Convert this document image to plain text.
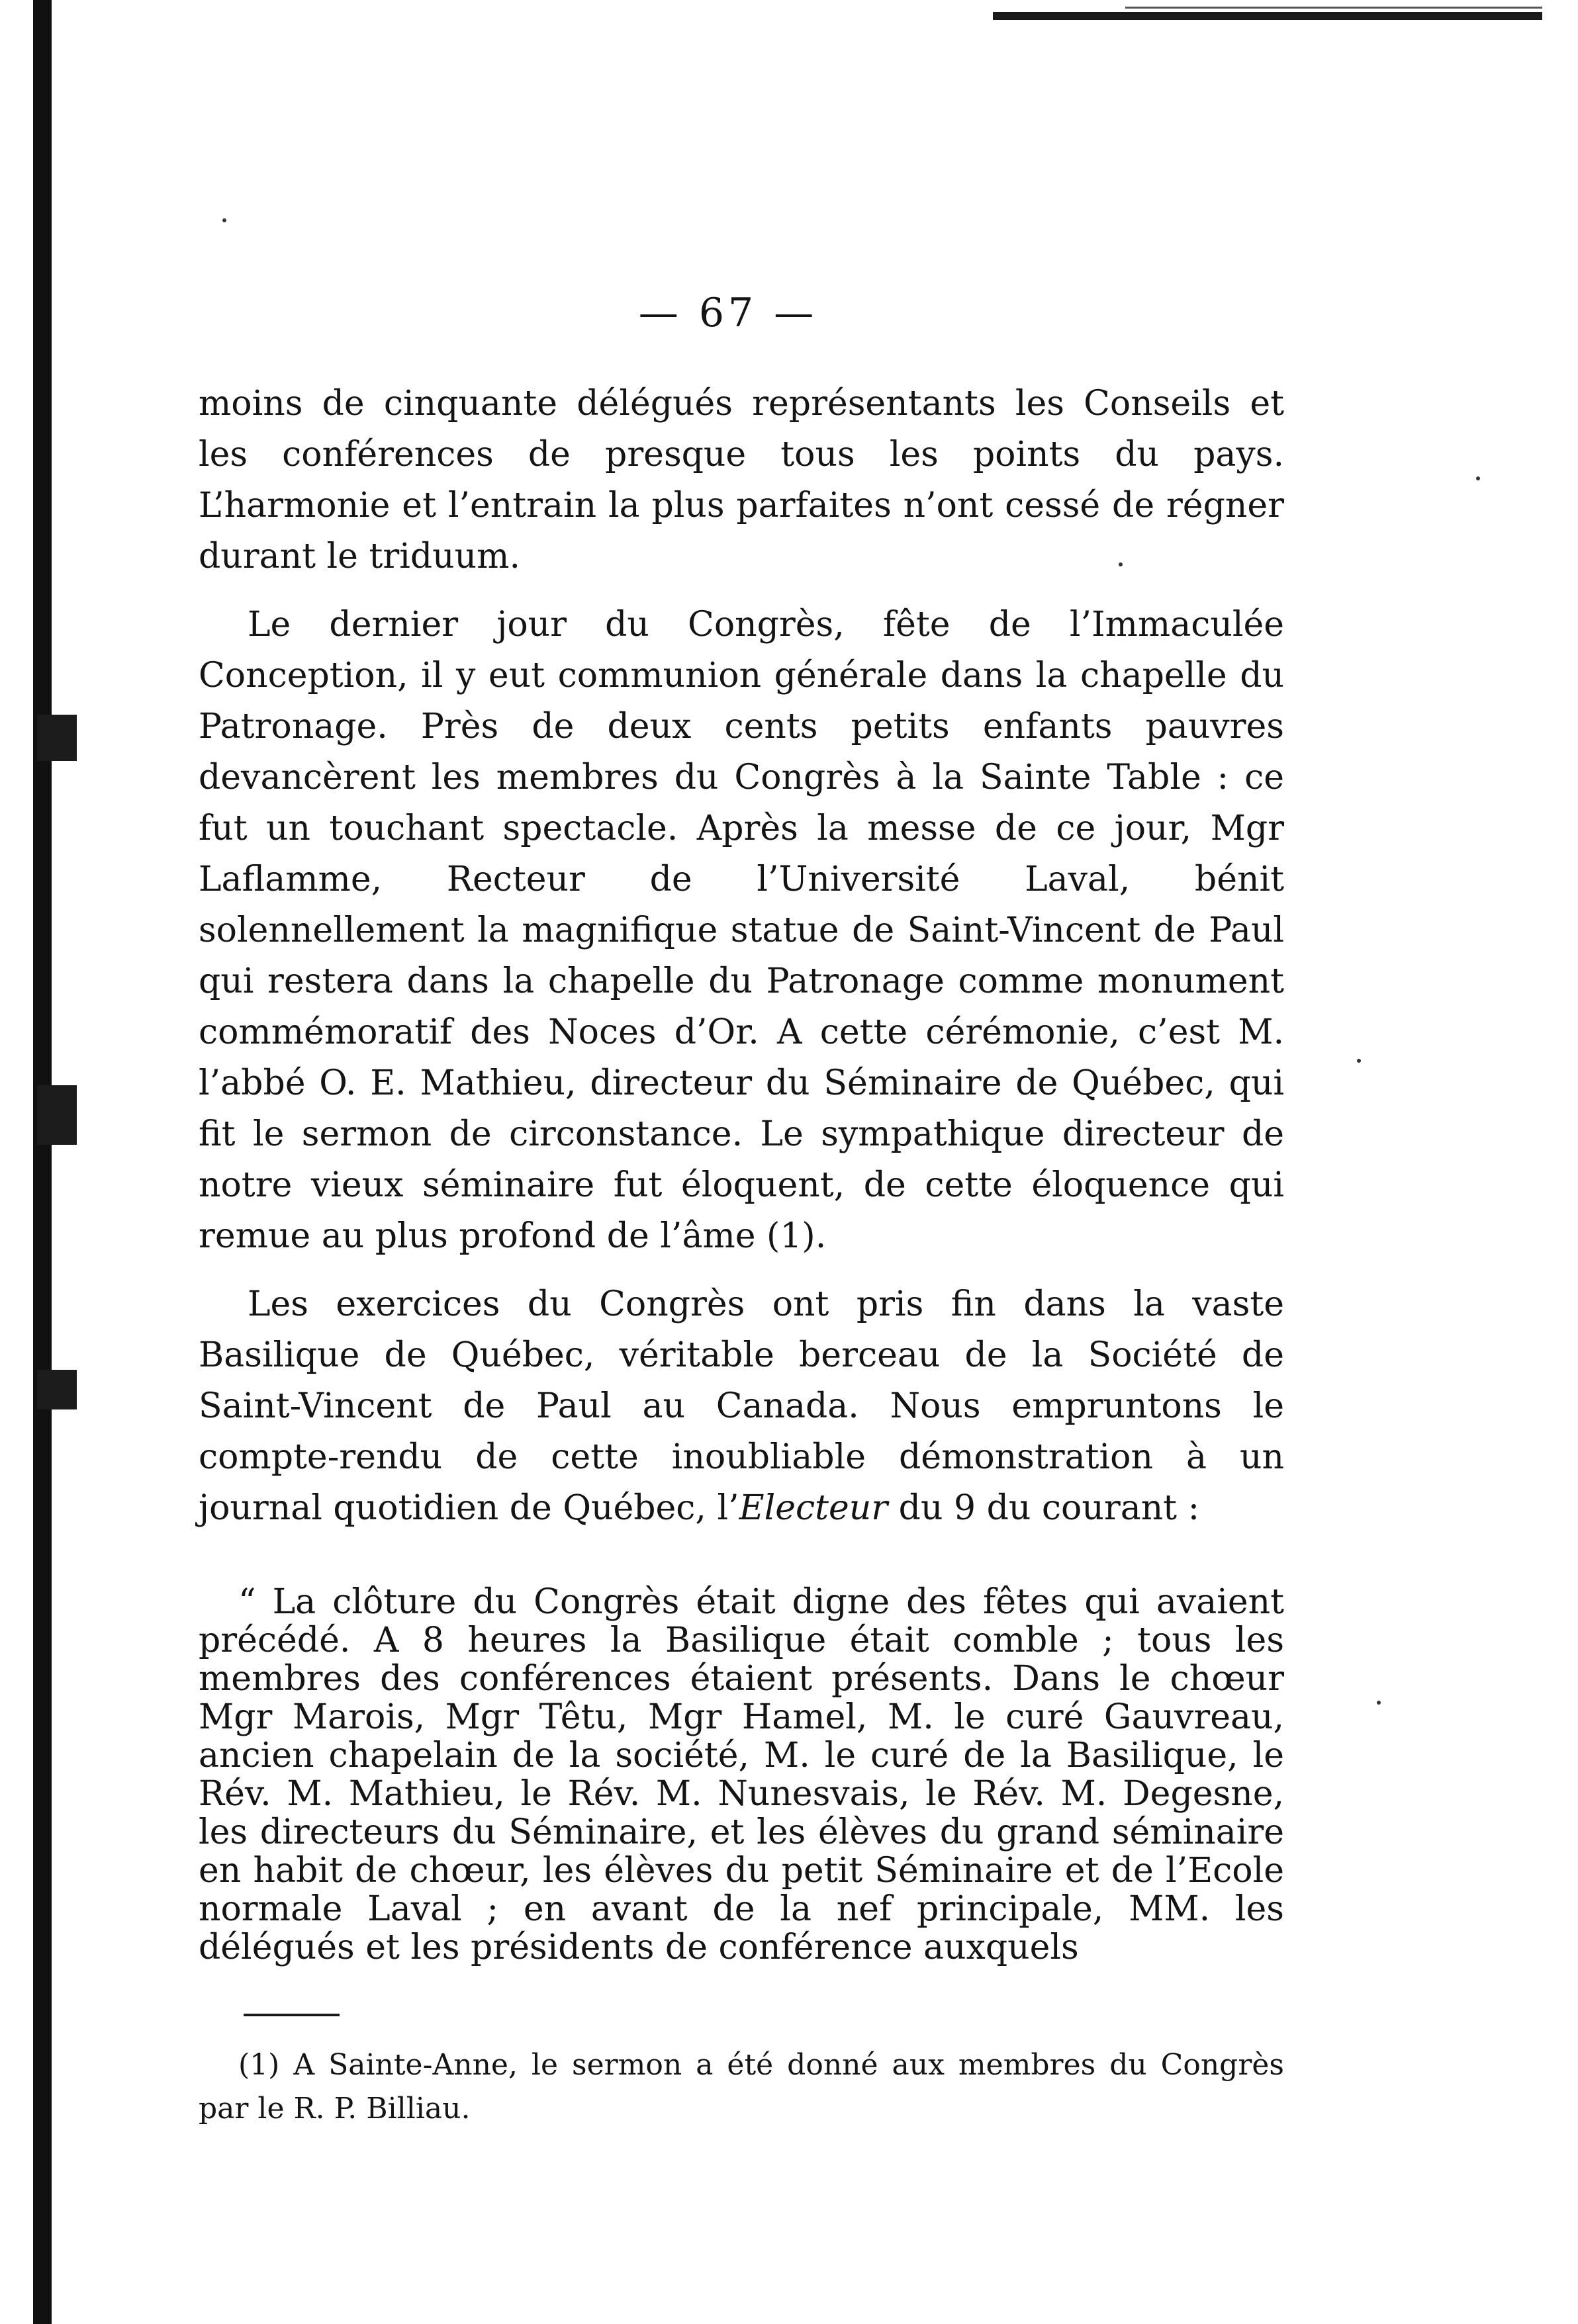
— 67 —

moins de cinquante délégués représentants les Conseils et les conférences de presque tous les points du pays. L’harmonie et l’entrain la plus parfaites n’ont cessé de régner durant le triduum.

Le dernier jour du Congrès, fête de l’Immaculée Conception, il y eut communion générale dans la chapelle du Patronage. Près de deux cents petits enfants pauvres devancèrent les membres du Congrès à la Sainte Table : ce fut un touchant spectacle. Après la messe de ce jour, Mgr Laflamme, Recteur de l’Université Laval, bénit solennellement la magnifique statue de Saint-Vincent de Paul qui restera dans la chapelle du Patronage comme monument commémoratif des Noces d’Or. A cette cérémonie, c’est M. l’abbé O. E. Mathieu, directeur du Séminaire de Québec, qui fit le sermon de circonstance. Le sympathique directeur de notre vieux séminaire fut éloquent, de cette éloquence qui remue au plus profond de l’âme (1).

Les exercices du Congrès ont pris fin dans la vaste Basilique de Québec, véritable berceau de la Société de Saint-Vincent de Paul au Canada. Nous empruntons le compte-rendu de cette inoubliable démonstration à un journal quotidien de Québec, l’Electeur du 9 du courant :

“ La clôture du Congrès était digne des fêtes qui avaient précédé. A 8 heures la Basilique était comble ; tous les membres des conférences étaient présents. Dans le chœur Mgr Marois, Mgr Têtu, Mgr Hamel, M. le curé Gauvreau, ancien chapelain de la société, M. le curé de la Basilique, le Rév. M. Mathieu, le Rév. M. Nunesvais, le Rév. M. Degesne, les directeurs du Séminaire, et les élèves du grand séminaire en habit de chœur, les élèves du petit Séminaire et de l’Ecole normale Laval ; en avant de la nef principale, MM. les délégués et les présidents de conférence auxquels

(1) A Sainte-Anne, le sermon a été donné aux membres du Congrès par le R. P. Billiau.
